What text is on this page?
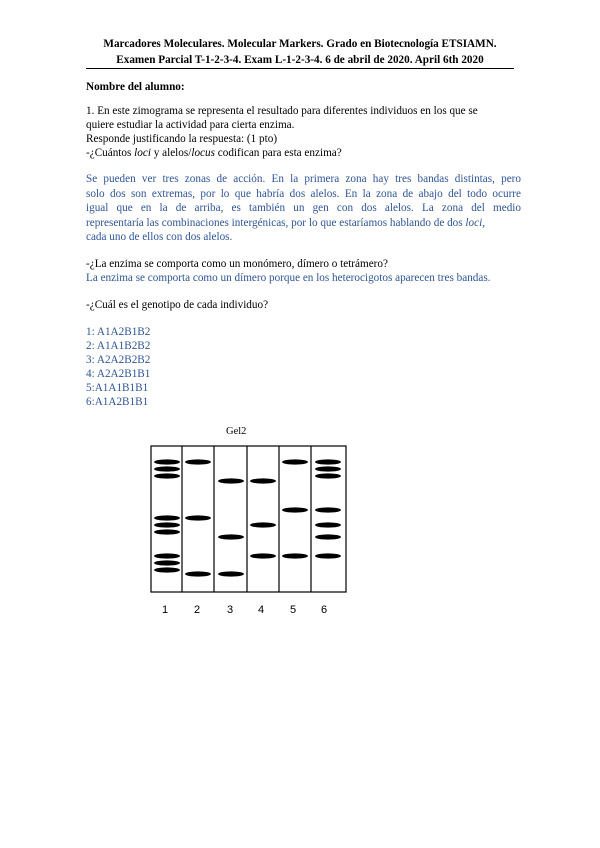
Marcadores Moleculares. Molecular Markers. Grado en Biotecnología ETSIAMN.
Examen Parcial T-1-2-3-4. Exam L-1-2-3-4. 6 de abril de 2020. April 6th 2020
Nombre del alumno:
1. En este zimograma se representa el resultado para diferentes individuos en los que se
quiere estudiar la actividad para cierta enzima.
Responde justificando la respuesta: (1 pto)
-¿Cuántos loci y alelos/locus codifican para esta enzima?
Se pueden ver tres zonas de acción. En la primera zona hay tres bandas distintas, pero
solo dos son extremas, por lo que habría dos alelos. En la zona de abajo del todo ocurre
igual que en la de arriba, es también un gen con dos alelos. La zona del medio
representaría las combinaciones intergénicas, por lo que estaríamos hablando de dos loci,
cada uno de ellos con dos alelos.
-¿La enzima se comporta como un monómero, dímero o tetrámero?
La enzima se comporta como un dímero porque en los heterocigotos aparecen tres bandas.
-¿Cuál es el genotipo de cada individuo?
1: A1A2B1B2
2: A1A1B2B2
3: A2A2B2B2
4: A2A2B1B1
5:A1A1B1B1
6:A1A2B1B1
Gel2
1 2 3 4 5 6
